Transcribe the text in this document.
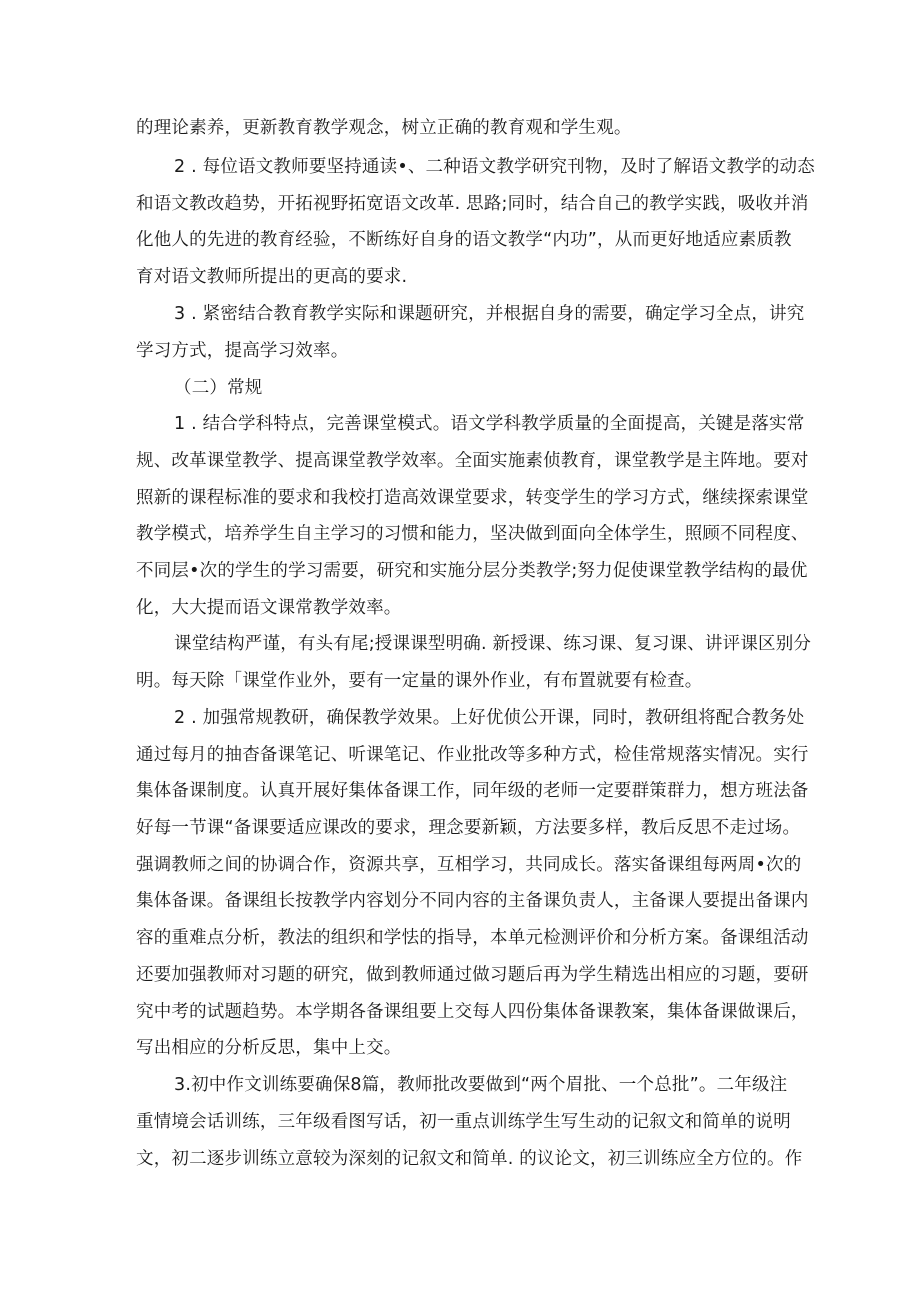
的理论素养，更新教育教学观念，树立正确的教育观和学生观。
2 . 每位语文教师要坚持通读•、二种语文教学研究刊物，及时了解语文教学的动态
和语文教改趋势，开拓视野拓宽语文改革. 思路;同时，结合自己的教学实践，吸收并消
化他人的先进的教育经验，不断练好自身的语文教学“内功”，从而更好地适应素质教
育对语文教师所提出的更高的要求.
3 . 紧密结合教育教学实际和课题研究，并根据自身的需要，确定学习全点，讲究
学习方式，提高学习效率。
（二）常规
1 . 结合学科特点，完善课堂模式。语文学科教学质量的全面提高，关键是落实常
规、改革课堂教学、提高课堂教学效率。全面实施素侦教育，课堂教学是主阵地。要对
照新的课程标准的要求和我校打造高效课堂要求，转变学生的学习方式，继续探索课堂
教学模式，培养学生自主学习的习惯和能力，坚决做到面向全体学生，照顾不同程度、
不同层•次的学生的学习需要，研究和实施分层分类教学;努力促使课堂教学结构的最优
化，大大提而语文课常教学效率。
课堂结构严谨，有头有尾;授课课型明确. 新授课、练习课、复习课、讲评课区别分
明。每天除「课堂作业外，要有一定量的课外作业，有布置就要有检查。
2 . 加强常规教研，确保教学效果。上好优侦公开课，同时，教研组将配合教务处
通过每月的抽杳备课笔记、听课笔记、作业批改等多种方式，检佳常规落实情况。实行
集体备课制度。认真开展好集体备课工作，同年级的老师一定要群策群力，想方班法备
好每一节课“备课要适应课改的要求，理念要新颖，方法要多样，教后反思不走过场。
强调教师之间的协调合作，资源共享，互相学习，共同成长。落实备课组每两周•次的
集体备课。备课组长按教学内容划分不同内容的主备课负责人，主备课人要提出备课内
容的重难点分析，教法的组织和学怯的指导，本单元检测评价和分析方案。备课组活动
还要加强教师对习题的研究，做到教师通过做习题后再为学生精选出相应的习题，要研
究中考的试题趋势。本学期各备课组要上交每人四份集体备课教案，集体备课做课后，
写出相应的分析反思，集中上交。
3.初中作文训练要确保8篇，教师批改要做到“两个眉批、一个总批”。二年级注
重情境会话训练，三年级看图写话，初一重点训练学生写生动的记叙文和简单的说明
文，初二逐步训练立意较为深刻的记叙文和简单. 的议论文，初三训练应全方位的。作
